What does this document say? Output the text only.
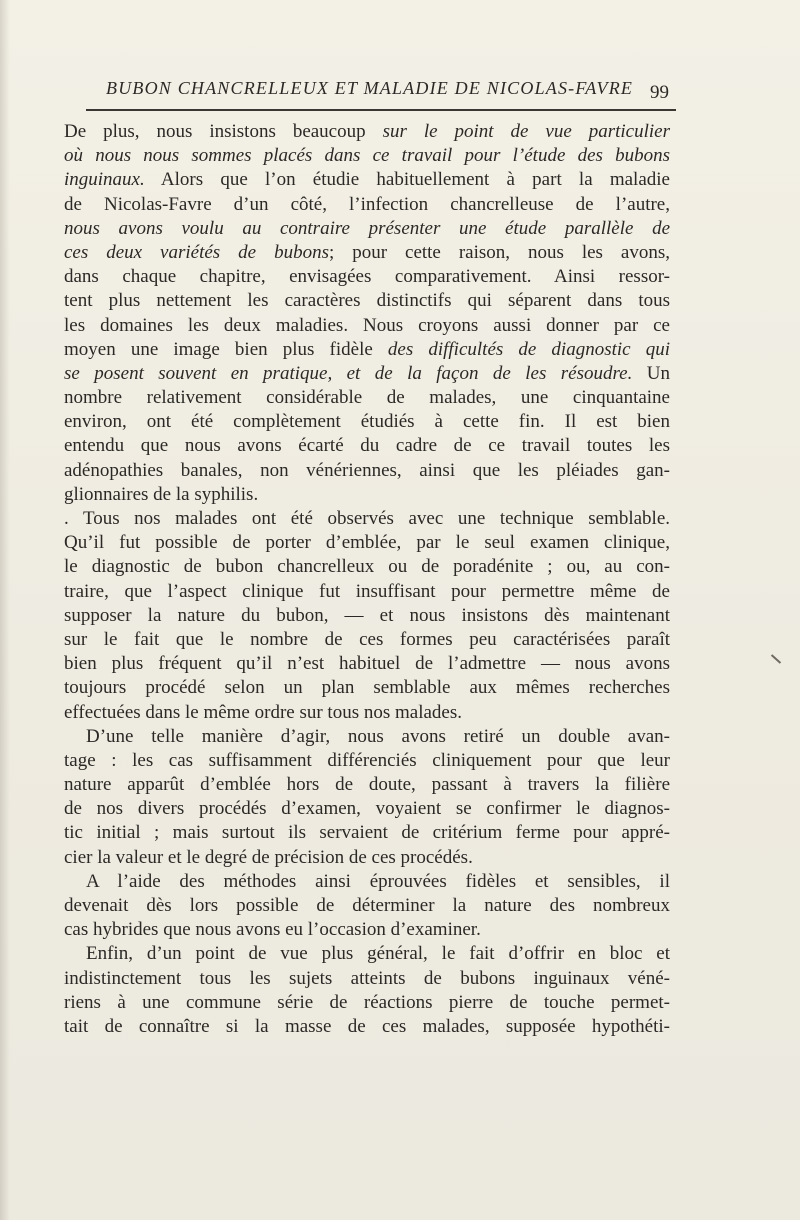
BUBON CHANCRELLEUX ET MALADIE DE NICOLAS-FAVRE 99
De plus, nous insistons beaucoup sur le point de vue particulier
où nous nous sommes placés dans ce travail pour l’étude des bubons
inguinaux. Alors que l’on étudie habituellement à part la maladie
de Nicolas-Favre d’un côté, l’infection chancrelleuse de l’autre,
nous avons voulu au contraire présenter une étude parallèle de
ces deux variétés de bubons; pour cette raison, nous les avons,
dans chaque chapitre, envisagées comparativement. Ainsi ressor-
tent plus nettement les caractères distinctifs qui séparent dans tous
les domaines les deux maladies. Nous croyons aussi donner par ce
moyen une image bien plus fidèle des difficultés de diagnostic qui
se posent souvent en pratique, et de la façon de les résoudre. Un
nombre relativement considérable de malades, une cinquantaine
environ, ont été complètement étudiés à cette fin. Il est bien
entendu que nous avons écarté du cadre de ce travail toutes les
adénopathies banales, non vénériennes, ainsi que les pléiades gan-
glionnaires de la syphilis.
. Tous nos malades ont été observés avec une technique semblable.
Qu’il fut possible de porter d’emblée, par le seul examen clinique,
le diagnostic de bubon chancrelleux ou de poradénite ; ou, au con-
traire, que l’aspect clinique fut insuffisant pour permettre même de
supposer la nature du bubon, — et nous insistons dès maintenant
sur le fait que le nombre de ces formes peu caractérisées paraît
bien plus fréquent qu’il n’est habituel de l’admettre — nous avons
toujours procédé selon un plan semblable aux mêmes recherches
effectuées dans le même ordre sur tous nos malades.
D’une telle manière d’agir, nous avons retiré un double avan-
tage : les cas suffisamment différenciés cliniquement pour que leur
nature apparût d’emblée hors de doute, passant à travers la filière
de nos divers procédés d’examen, voyaient se confirmer le diagnos-
tic initial ; mais surtout ils servaient de critérium ferme pour appré-
cier la valeur et le degré de précision de ces procédés.
A l’aide des méthodes ainsi éprouvées fidèles et sensibles, il
devenait dès lors possible de déterminer la nature des nombreux
cas hybrides que nous avons eu l’occasion d’examiner.
Enfin, d’un point de vue plus général, le fait d’offrir en bloc et
indistinctement tous les sujets atteints de bubons inguinaux véné-
riens à une commune série de réactions pierre de touche permet-
tait de connaître si la masse de ces malades, supposée hypothéti-
